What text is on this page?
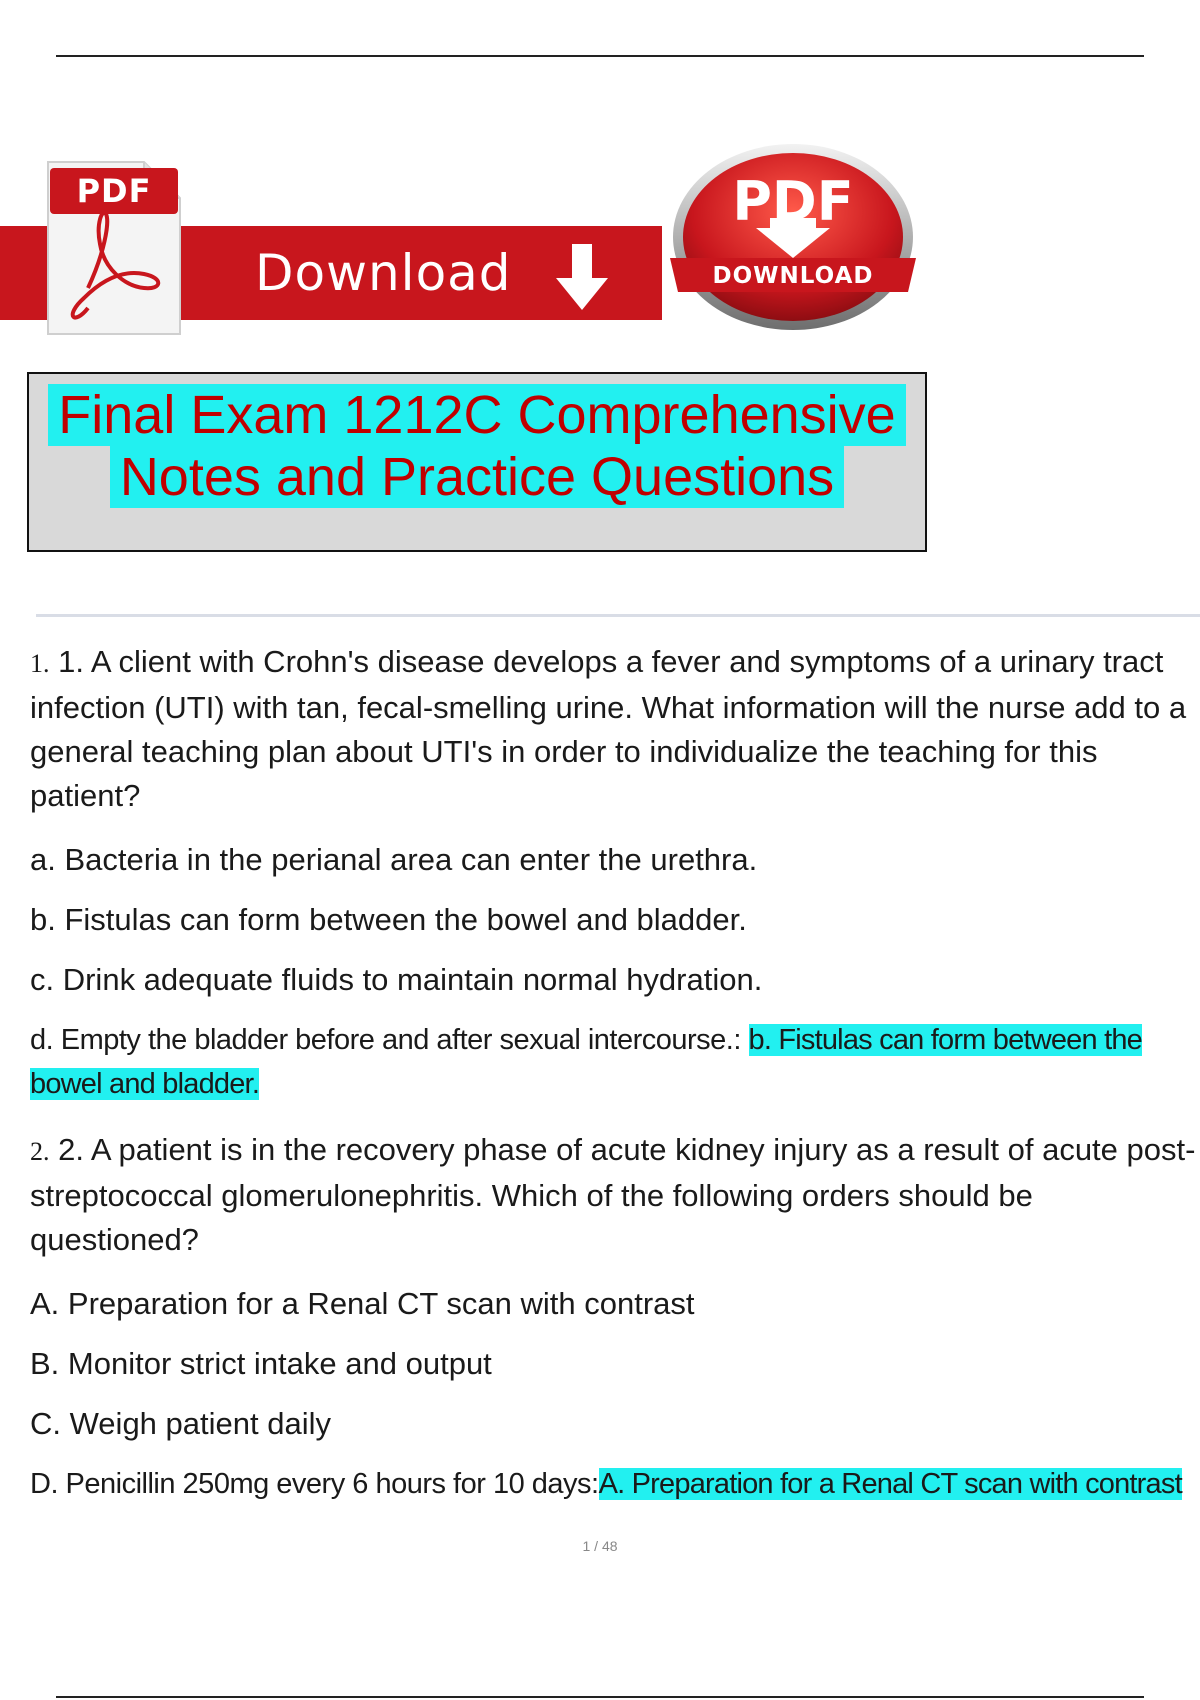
PDF
Download
PDF
DOWNLOAD
Final Exam 1212C Comprehensive
Notes and Practice Questions
1. 1. A client with Crohn's disease develops a fever and symptoms of a urinary tract infection (UTI) with tan, fecal-smelling urine. What information will the nurse add to a general teaching plan about UTI's in order to individualize the teaching for this patient?
a. Bacteria in the perianal area can enter the urethra.
b. Fistulas can form between the bowel and bladder.
c. Drink adequate fluids to maintain normal hydration.
d. Empty the bladder before and after sexual intercourse.: b. Fistulas can form between the bowel and bladder.
2. 2. A patient is in the recovery phase of acute kidney injury as a result of acute post- streptococcal glomerulonephritis. Which of the following orders should be questioned?
A. Preparation for a Renal CT scan with contrast
B. Monitor strict intake and output
C. Weigh patient daily
D. Penicillin 250mg every 6 hours for 10 days:A. Preparation for a Renal CT scan with contrast
1 / 48
